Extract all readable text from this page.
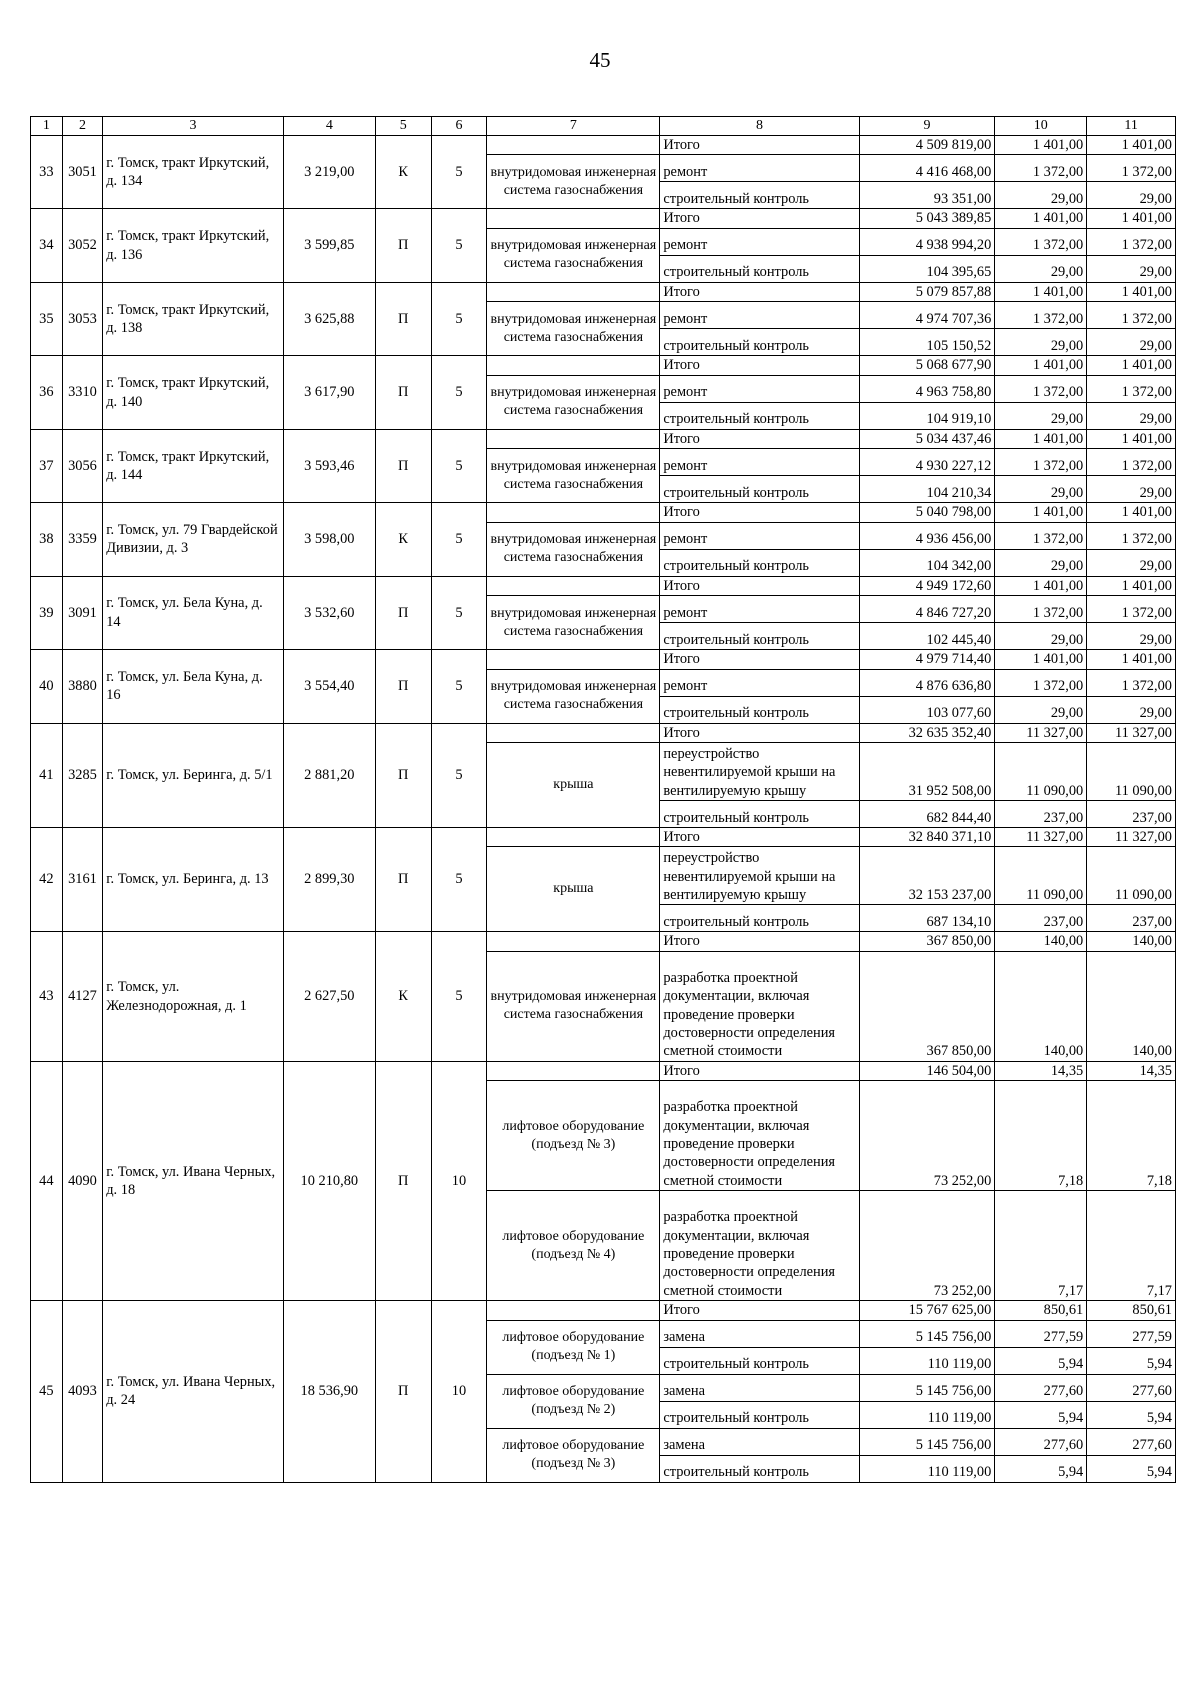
45
1	2	3	4	5	6	7	8	9	10	11
33	3051	г. Томск, тракт Иркутский, д. 134	3 219,00	К	5		Итого	4 509 819,00	1 401,00	1 401,00
						внутридомовая инженерная система газоснабжения	ремонт	4 416 468,00	1 372,00	1 372,00
							строительный контроль	93 351,00	29,00	29,00
34	3052	г. Томск, тракт Иркутский, д. 136	3 599,85	П	5		Итого	5 043 389,85	1 401,00	1 401,00
						внутридомовая инженерная система газоснабжения	ремонт	4 938 994,20	1 372,00	1 372,00
							строительный контроль	104 395,65	29,00	29,00
35	3053	г. Томск, тракт Иркутский, д. 138	3 625,88	П	5		Итого	5 079 857,88	1 401,00	1 401,00
						внутридомовая инженерная система газоснабжения	ремонт	4 974 707,36	1 372,00	1 372,00
							строительный контроль	105 150,52	29,00	29,00
36	3310	г. Томск, тракт Иркутский, д. 140	3 617,90	П	5		Итого	5 068 677,90	1 401,00	1 401,00
						внутридомовая инженерная система газоснабжения	ремонт	4 963 758,80	1 372,00	1 372,00
							строительный контроль	104 919,10	29,00	29,00
37	3056	г. Томск, тракт Иркутский, д. 144	3 593,46	П	5		Итого	5 034 437,46	1 401,00	1 401,00
						внутридомовая инженерная система газоснабжения	ремонт	4 930 227,12	1 372,00	1 372,00
							строительный контроль	104 210,34	29,00	29,00
38	3359	г. Томск, ул. 79 Гвардейской Дивизии, д. 3	3 598,00	К	5		Итого	5 040 798,00	1 401,00	1 401,00
						внутридомовая инженерная система газоснабжения	ремонт	4 936 456,00	1 372,00	1 372,00
							строительный контроль	104 342,00	29,00	29,00
39	3091	г. Томск, ул. Бела Куна, д. 14	3 532,60	П	5		Итого	4 949 172,60	1 401,00	1 401,00
						внутридомовая инженерная система газоснабжения	ремонт	4 846 727,20	1 372,00	1 372,00
							строительный контроль	102 445,40	29,00	29,00
40	3880	г. Томск, ул. Бела Куна, д. 16	3 554,40	П	5		Итого	4 979 714,40	1 401,00	1 401,00
						внутридомовая инженерная система газоснабжения	ремонт	4 876 636,80	1 372,00	1 372,00
							строительный контроль	103 077,60	29,00	29,00
41	3285	г. Томск, ул. Беринга, д. 5/1	2 881,20	П	5		Итого	32 635 352,40	11 327,00	11 327,00
						крыша	переустройство невентилируемой крыши на вентилируемую крышу	31 952 508,00	11 090,00	11 090,00
							строительный контроль	682 844,40	237,00	237,00
42	3161	г. Томск, ул. Беринга, д. 13	2 899,30	П	5		Итого	32 840 371,10	11 327,00	11 327,00
						крыша	переустройство невентилируемой крыши на вентилируемую крышу	32 153 237,00	11 090,00	11 090,00
							строительный контроль	687 134,10	237,00	237,00
43	4127	г. Томск, ул. Железнодорожная, д. 1	2 627,50	К	5		Итого	367 850,00	140,00	140,00
						внутридомовая инженерная система газоснабжения	разработка проектной документации, включая проведение проверки достоверности определения сметной стоимости	367 850,00	140,00	140,00
44	4090	г. Томск, ул. Ивана Черных, д. 18	10 210,80	П	10		Итого	146 504,00	14,35	14,35
						лифтовое оборудование (подъезд № 3)	разработка проектной документации, включая проведение проверки достоверности определения сметной стоимости	73 252,00	7,18	7,18
						лифтовое оборудование (подъезд № 4)	разработка проектной документации, включая проведение проверки достоверности определения сметной стоимости	73 252,00	7,17	7,17
45	4093	г. Томск, ул. Ивана Черных, д. 24	18 536,90	П	10		Итого	15 767 625,00	850,61	850,61
						лифтовое оборудование (подъезд № 1)	замена	5 145 756,00	277,59	277,59
							строительный контроль	110 119,00	5,94	5,94
						лифтовое оборудование (подъезд № 2)	замена	5 145 756,00	277,60	277,60
							строительный контроль	110 119,00	5,94	5,94
						лифтовое оборудование (подъезд № 3)	замена	5 145 756,00	277,60	277,60
							строительный контроль	110 119,00	5,94	5,94
